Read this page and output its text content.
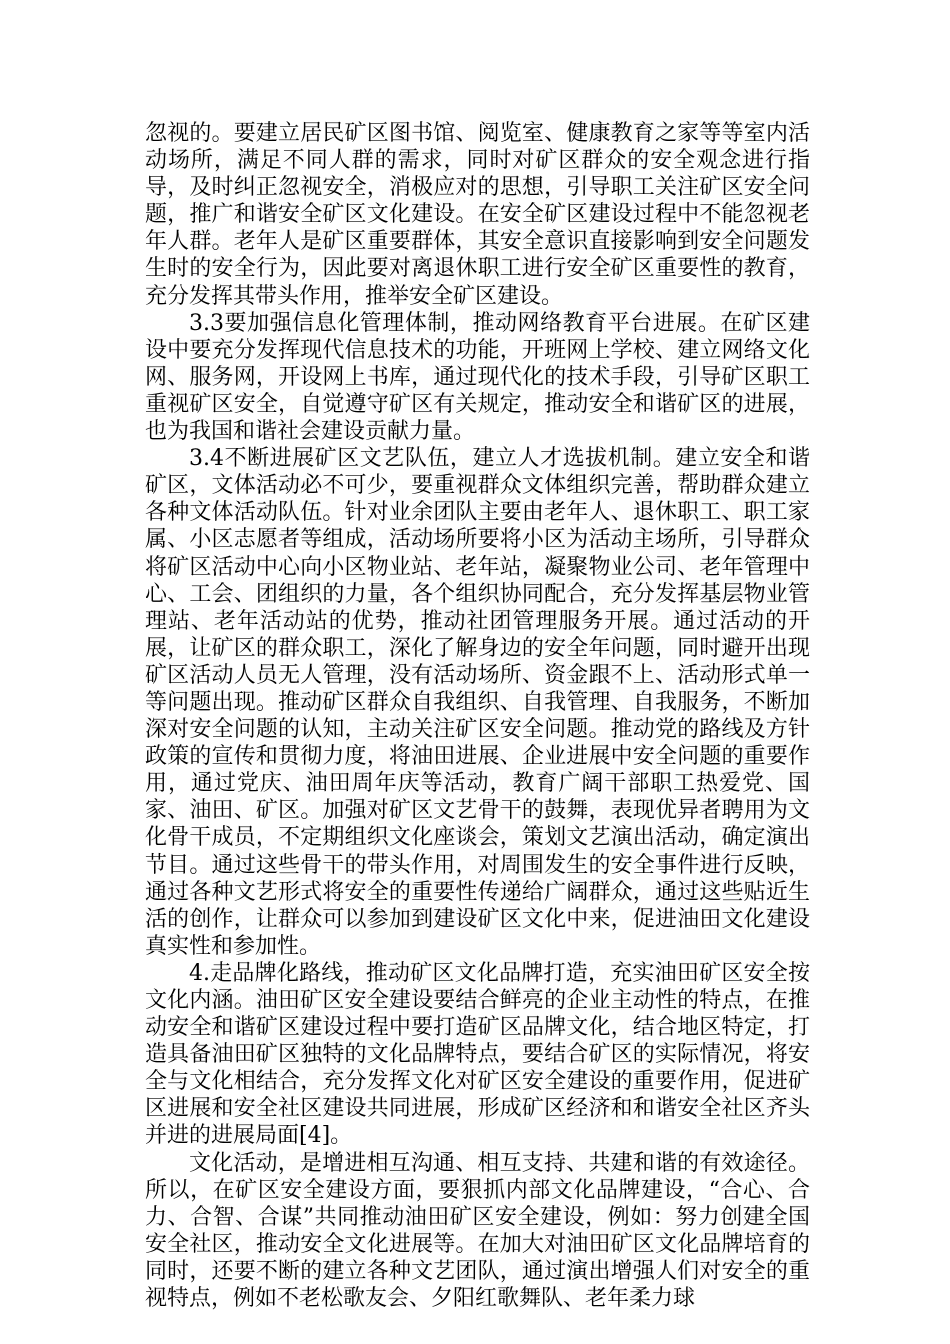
忽视的。要建立居民矿区图书馆、阅览室、健康教育之家等等室内活动场所，满足不同人群的需求，同时对矿区群众的安全观念进行指导，及时纠正忽视安全，消极应对的思想，引导职工关注矿区安全问题，推广和谐安全矿区文化建设。在安全矿区建设过程中不能忽视老年人群。老年人是矿区重要群体，其安全意识直接影响到安全问题发生时的安全行为，因此要对离退休职工进行安全矿区重要性的教育，充分发挥其带头作用，推举安全矿区建设。

3.3要加强信息化管理体制，推动网络教育平台进展。在矿区建设中要充分发挥现代信息技术的功能，开班网上学校、建立网络文化网、服务网，开设网上书库，通过现代化的技术手段，引导矿区职工重视矿区安全，自觉遵守矿区有关规定，推动安全和谐矿区的进展，也为我国和谐社会建设贡献力量。

3.4不断进展矿区文艺队伍，建立人才选拔机制。建立安全和谐矿区，文体活动必不可少，要重视群众文体组织完善，帮助群众建立各种文体活动队伍。针对业余团队主要由老年人、退休职工、职工家属、小区志愿者等组成，活动场所要将小区为活动主场所，引导群众将矿区活动中心向小区物业站、老年站，凝聚物业公司、老年管理中心、工会、团组织的力量，各个组织协同配合，充分发挥基层物业管理站、老年活动站的优势，推动社团管理服务开展。通过活动的开展，让矿区的群众职工，深化了解身边的安全年问题，同时避开出现矿区活动人员无人管理，没有活动场所、资金跟不上、活动形式单一等问题出现。推动矿区群众自我组织、自我管理、自我服务，不断加深对安全问题的认知，主动关注矿区安全问题。推动党的路线及方针政策的宣传和贯彻力度，将油田进展、企业进展中安全问题的重要作用，通过党庆、油田周年庆等活动，教育广阔干部职工热爱党、国家、油田、矿区。加强对矿区文艺骨干的鼓舞，表现优异者聘用为文化骨干成员，不定期组织文化座谈会，策划文艺演出活动，确定演出节目。通过这些骨干的带头作用，对周围发生的安全事件进行反映，通过各种文艺形式将安全的重要性传递给广阔群众，通过这些贴近生活的创作，让群众可以参加到建设矿区文化中来，促进油田文化建设真实性和参加性。

4.走品牌化路线，推动矿区文化品牌打造，充实油田矿区安全按文化内涵。油田矿区安全建设要结合鲜亮的企业主动性的特点，在推动安全和谐矿区建设过程中要打造矿区品牌文化，结合地区特定，打造具备油田矿区独特的文化品牌特点，要结合矿区的实际情况，将安全与文化相结合，充分发挥文化对矿区安全建设的重要作用，促进矿区进展和安全社区建设共同进展，形成矿区经济和和谐安全社区齐头并进的进展局面[4]。

文化活动，是增进相互沟通、相互支持、共建和谐的有效途径。所以，在矿区安全建设方面，要狠抓内部文化品牌建设，“合心、合力、合智、合谋”共同推动油田矿区安全建设，例如：努力创建全国安全社区，推动安全文化进展等。在加大对油田矿区文化品牌培育的同时，还要不断的建立各种文艺团队，通过演出增强人们对安全的重视特点，例如不老松歌友会、夕阳红歌舞队、老年柔力球
